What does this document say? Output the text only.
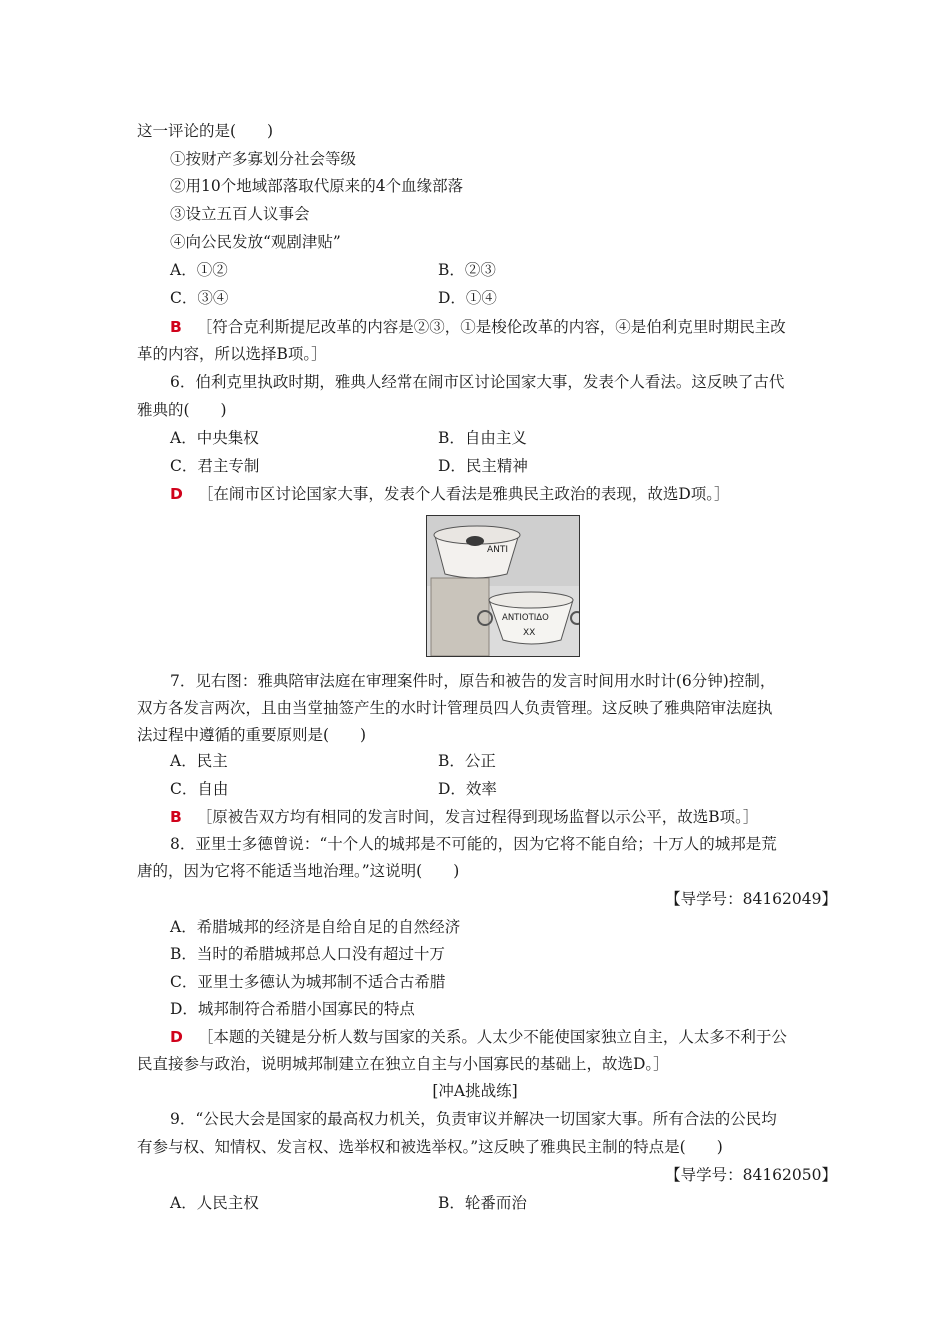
这一评论的是(　　)
①按财产多寡划分社会等级
②用10个地域部落取代原来的4个血缘部落
③设立五百人议事会
④向公民发放“观剧津贴”
A．①②	B．②③
C．③④	D．①④
B ［符合克利斯提尼改革的内容是②③，①是梭伦改革的内容，④是伯利克里时期民主改
革的内容，所以选择B项。］
6．伯利克里执政时期，雅典人经常在闹市区讨论国家大事，发表个人看法。这反映了古代
雅典的(　　)
A．中央集权	B．自由主义
C．君主专制	D．民主精神
D ［在闹市区讨论国家大事，发表个人看法是雅典民主政治的表现，故选D项。］
ANTI
ANTIOTIΔO
XX
7．见右图：雅典陪审法庭在审理案件时，原告和被告的发言时间用水时计(6分钟)控制，
双方各发言两次，且由当堂抽签产生的水时计管理员四人负责管理。这反映了雅典陪审法庭执
法过程中遵循的重要原则是(　　)
A．民主	B．公正
C．自由	D．效率
B ［原被告双方均有相同的发言时间，发言过程得到现场监督以示公平，故选B项。］
8．亚里士多德曾说：“十个人的城邦是不可能的，因为它将不能自给；十万人的城邦是荒
唐的，因为它将不能适当地治理。”这说明(　　)
【导学号：84162049】
A．希腊城邦的经济是自给自足的自然经济
B．当时的希腊城邦总人口没有超过十万
C．亚里士多德认为城邦制不适合古希腊
D．城邦制符合希腊小国寡民的特点
D ［本题的关键是分析人数与国家的关系。人太少不能使国家独立自主，人太多不利于公
民直接参与政治，说明城邦制建立在独立自主与小国寡民的基础上，故选D。］
[冲A挑战练]
9．“公民大会是国家的最高权力机关，负责审议并解决一切国家大事。所有合法的公民均
有参与权、知情权、发言权、选举权和被选举权。”这反映了雅典民主制的特点是(　　)
【导学号：84162050】
A．人民主权	B．轮番而治
